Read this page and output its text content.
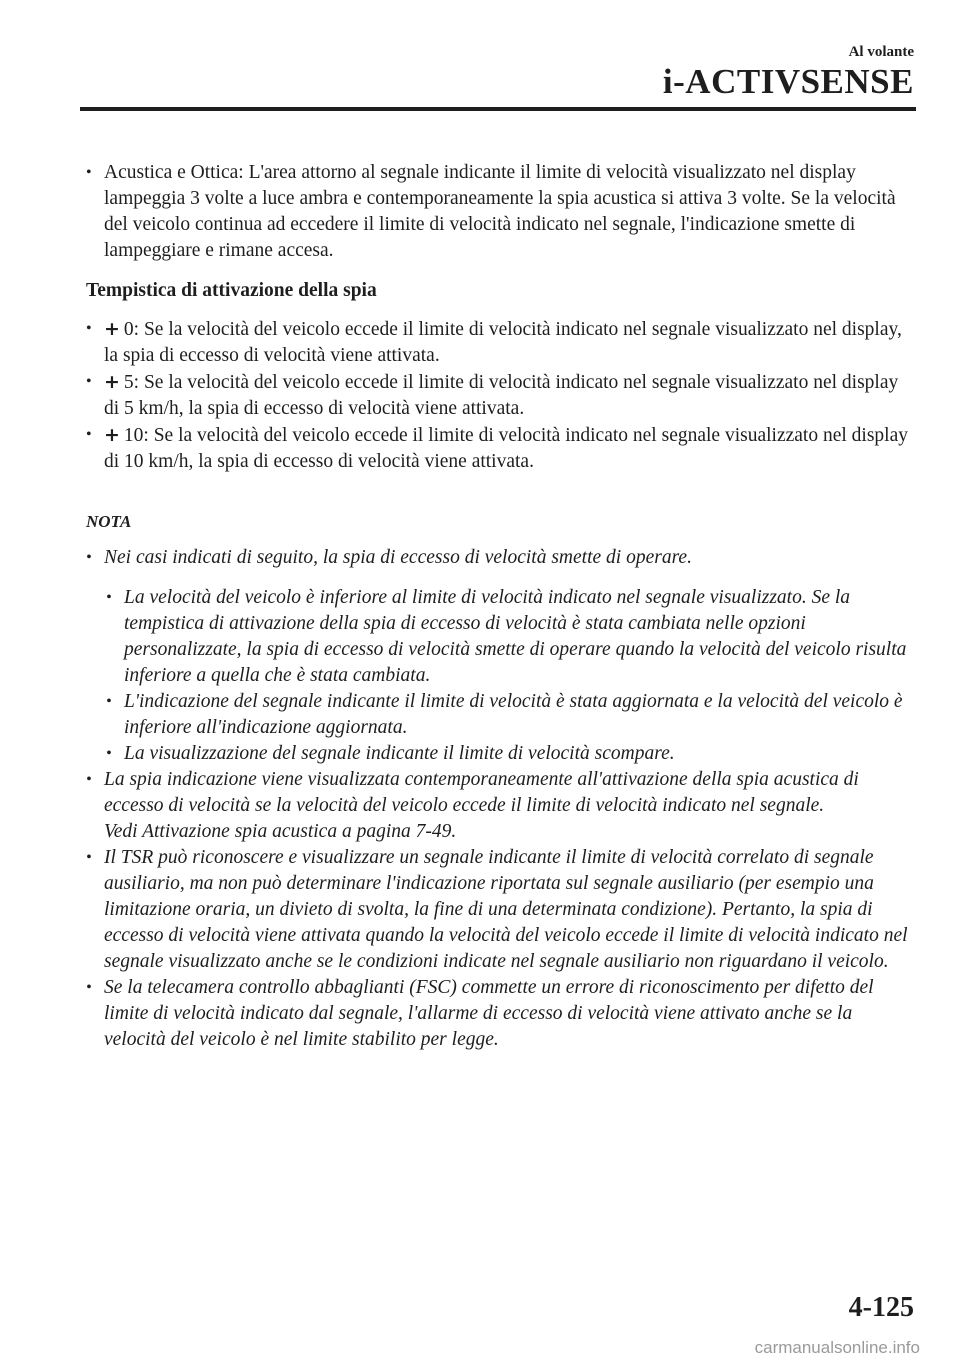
Al volante
i-ACTIVSENSE

• Acustica e Ottica: L'area attorno al segnale indicante il limite di velocità visualizzato nel display lampeggia 3 volte a luce ambra e contemporaneamente la spia acustica si attiva 3 volte. Se la velocità del veicolo continua ad eccedere il limite di velocità indicato nel segnale, l'indicazione smette di lampeggiare e rimane accesa.

Tempistica di attivazione della spia

• + 0: Se la velocità del veicolo eccede il limite di velocità indicato nel segnale visualizzato nel display, la spia di eccesso di velocità viene attivata.

• + 5: Se la velocità del veicolo eccede il limite di velocità indicato nel segnale visualizzato nel display di 5 km/h, la spia di eccesso di velocità viene attivata.

• + 10: Se la velocità del veicolo eccede il limite di velocità indicato nel segnale visualizzato nel display di 10 km/h, la spia di eccesso di velocità viene attivata.

NOTA

• Nei casi indicati di seguito, la spia di eccesso di velocità smette di operare.

• La velocità del veicolo è inferiore al limite di velocità indicato nel segnale visualizzato. Se la tempistica di attivazione della spia di eccesso di velocità è stata cambiata nelle opzioni personalizzate, la spia di eccesso di velocità smette di operare quando la velocità del veicolo risulta inferiore a quella che è stata cambiata.

• L'indicazione del segnale indicante il limite di velocità è stata aggiornata e la velocità del veicolo è inferiore all'indicazione aggiornata.

• La visualizzazione del segnale indicante il limite di velocità scompare.

• La spia indicazione viene visualizzata contemporaneamente all'attivazione della spia acustica di eccesso di velocità se la velocità del veicolo eccede il limite di velocità indicato nel segnale.
Vedi Attivazione spia acustica a pagina 7-49.

• Il TSR può riconoscere e visualizzare un segnale indicante il limite di velocità correlato di segnale ausiliario, ma non può determinare l'indicazione riportata sul segnale ausiliario (per esempio una limitazione oraria, un divieto di svolta, la fine di una determinata condizione). Pertanto, la spia di eccesso di velocità viene attivata quando la velocità del veicolo eccede il limite di velocità indicato nel segnale visualizzato anche se le condizioni indicate nel segnale ausiliario non riguardano il veicolo.

• Se la telecamera controllo abbaglianti (FSC) commette un errore di riconoscimento per difetto del limite di velocità indicato dal segnale, l'allarme di eccesso di velocità viene attivato anche se la velocità del veicolo è nel limite stabilito per legge.

4-125
carmanualsonline.info
